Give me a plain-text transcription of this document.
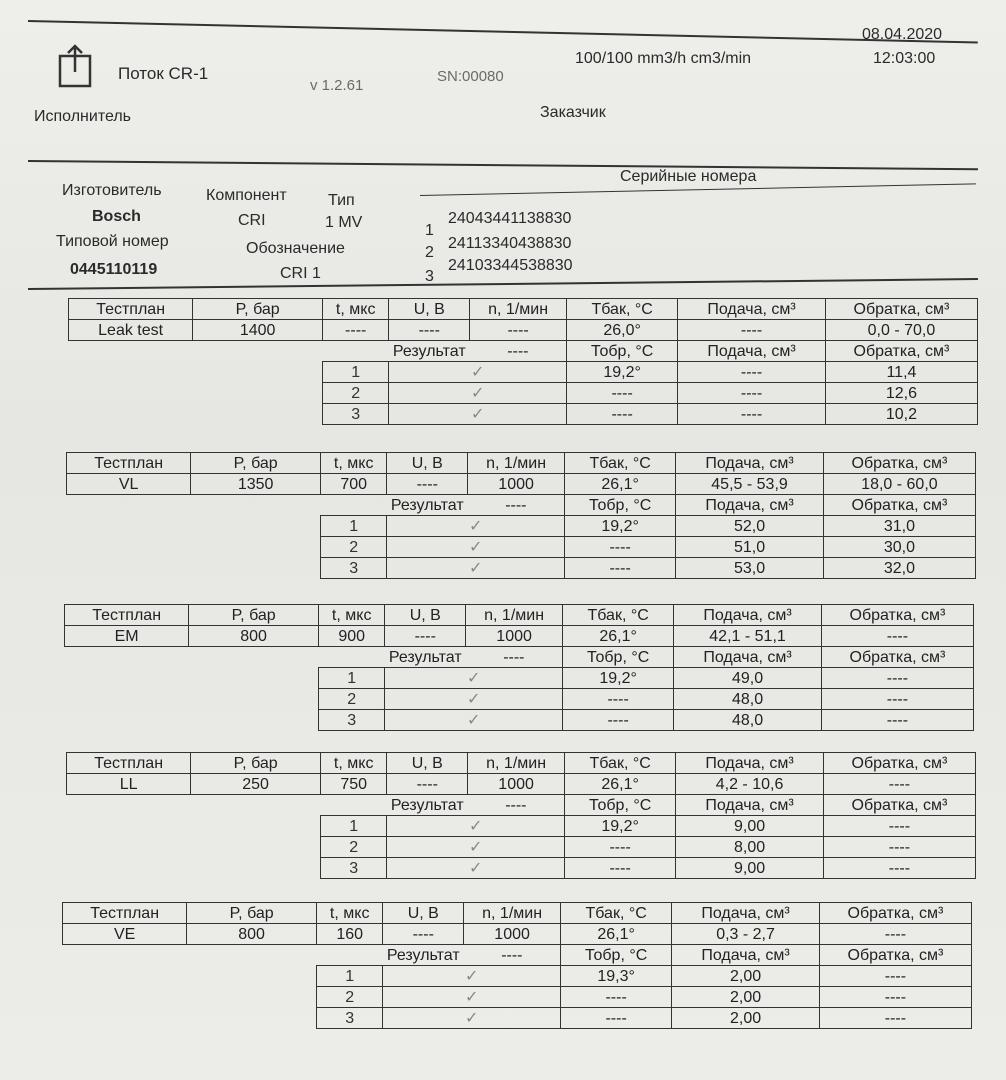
Поток CR-1
v 1.2.61
SN:00080
100/100 mm3/h cm3/min
08.04.2020
12:03:00
Исполнитель	Заказчик
Изготовитель	Компонент	Тип
Bosch	CRI	1 MV
Типовой номер	Обозначение
0445110119	CRI 1
Серийные номера
1
24043441138830
2
24113340438830
3
24103344538830
Тестплан	P, бар	t, мкс	U, B	n, 1/мин	Тбак, °C	Подача, см³	Обратка, см³
Leak test	1400	----	----	----	26,0°	----	0,0 - 70,0
			Результат	----	Тобр, °C	Подача, см³	Обратка, см³
		1	✓		19,2°	----	11,4
		2	✓		----	----	12,6
		3	✓		----	----	10,2
Тестплан	P, бар	t, мкс	U, B	n, 1/мин	Тбак, °C	Подача, см³	Обратка, см³
VL	1350	700	----	1000	26,1°	45,5 - 53,9	18,0 - 60,0
			Результат	----	Тобр, °C	Подача, см³	Обратка, см³
		1	✓		19,2°	52,0	31,0
		2	✓		----	51,0	30,0
		3	✓		----	53,0	32,0
Тестплан	P, бар	t, мкс	U, B	n, 1/мин	Тбак, °C	Подача, см³	Обратка, см³
EM	800	900	----	1000	26,1°	42,1 - 51,1	----
			Результат	----	Тобр, °C	Подача, см³	Обратка, см³
		1	✓		19,2°	49,0	----
		2	✓		----	48,0	----
		3	✓		----	48,0	----
Тестплан	P, бар	t, мкс	U, B	n, 1/мин	Тбак, °C	Подача, см³	Обратка, см³
LL	250	750	----	1000	26,1°	4,2 - 10,6	----
			Результат	----	Тобр, °C	Подача, см³	Обратка, см³
		1	✓		19,2°	9,00	----
		2	✓		----	8,00	----
		3	✓		----	9,00	----
Тестплан	P, бар	t, мкс	U, B	n, 1/мин	Тбак, °C	Подача, см³	Обратка, см³
VE	800	160	----	1000	26,1°	0,3 - 2,7	----
			Результат	----	Тобр, °C	Подача, см³	Обратка, см³
		1	✓		19,3°	2,00	----
		2	✓		----	2,00	----
		3	✓		----	2,00	----
